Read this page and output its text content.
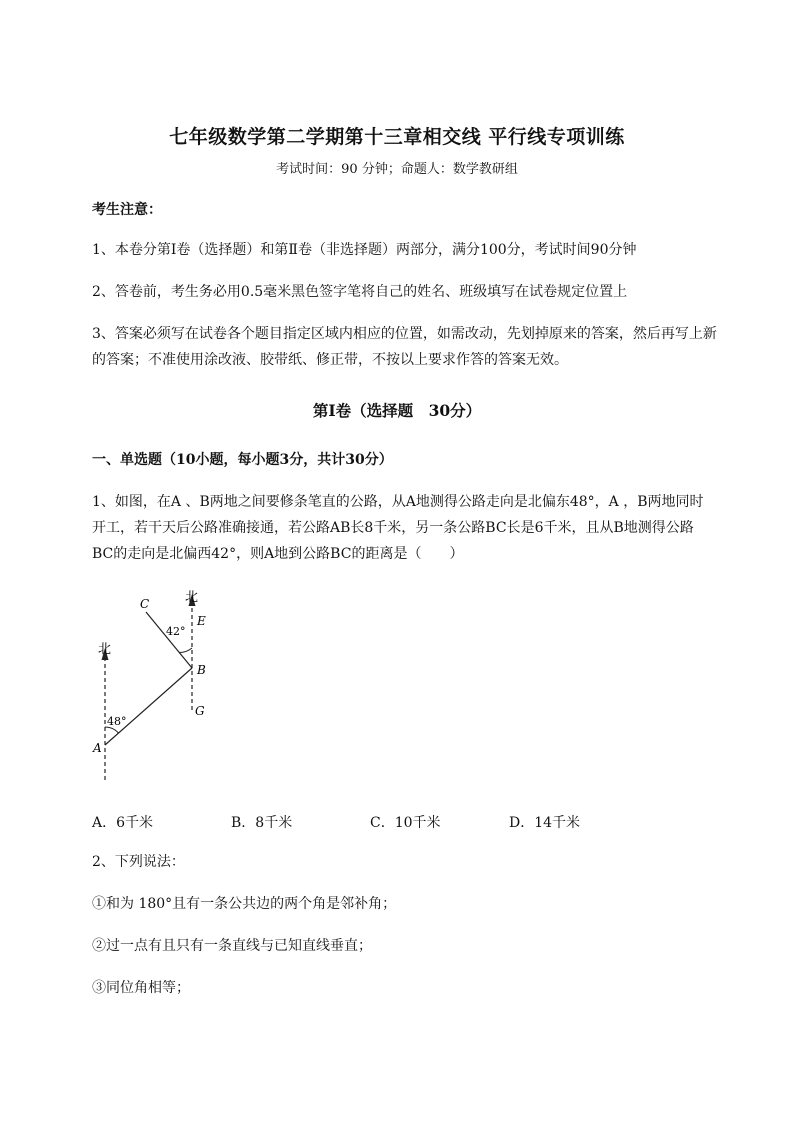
七年级数学第二学期第十三章相交线 平行线专项训练
考试时间：90 分钟；命题人：数学教研组
考生注意：
1、本卷分第I卷（选择题）和第Ⅱ卷（非选择题）两部分，满分100分，考试时间90分钟
2、答卷前，考生务必用0.5毫米黑色签字笔将自己的姓名、班级填写在试卷规定位置上
3、答案必须写在试卷各个题目指定区域内相应的位置，如需改动，先划掉原来的答案，然后再写上新
的答案；不准使用涂改液、胶带纸、修正带，不按以上要求作答的答案无效。
第I卷（选择题　30分）
一、单选题（10小题，每小题3分，共计30分）
1、如图，在A 、B两地之间要修条笔直的公路，从A地测得公路走向是北偏东48°，A ，B两地同时
开工，若干天后公路准确接通，若公路AB长8千米，另一条公路BC长是6千米，且从B地测得公路
BC的走向是北偏西42°，则A地到公路BC的距离是（　　）
北
北
C
E
B
G
A
42°
48°
A．6千米	B．8千米	C．10千米	D．14千米
2、下列说法：
①和为 180°且有一条公共边的两个角是邻补角；
②过一点有且只有一条直线与已知直线垂直；
③同位角相等；
